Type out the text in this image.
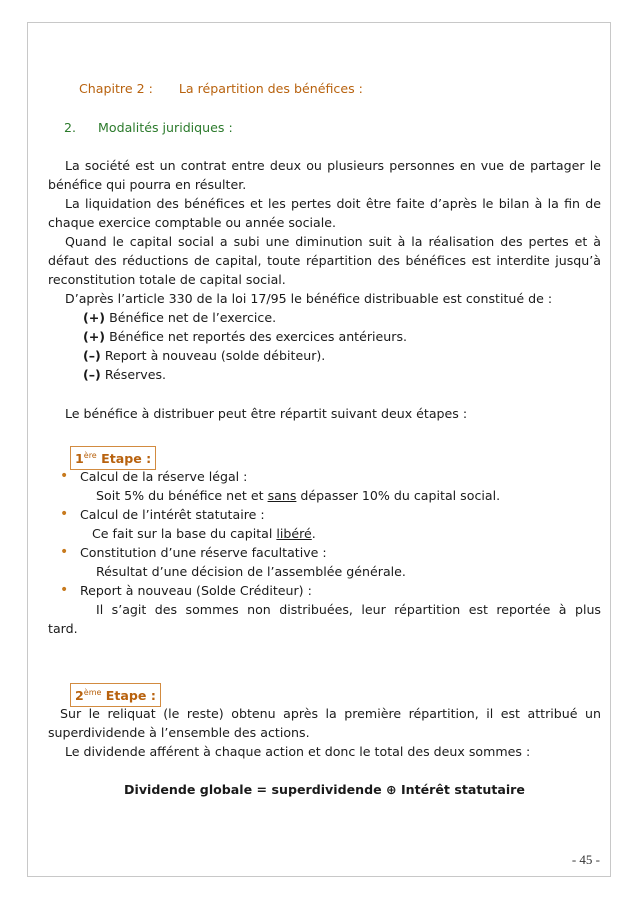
Chapitre 2 : La répartition des bénéfices :
2. Modalités juridiques :

La société est un contrat entre deux ou plusieurs personnes en vue de partager le bénéfice qui pourra en résulter.

La liquidation des bénéfices et les pertes doit être faite d’après le bilan à la fin de chaque exercice comptable ou année sociale.

Quand le capital social a subi une diminution suit à la réalisation des pertes et à défaut des réductions de capital, toute répartition des bénéfices est interdite jusqu’à reconstitution totale de capital social.

D’après l’article 330 de la loi 17/95 le bénéfice distribuable est constitué de :

(+) Bénéfice net de l’exercice.
(+) Bénéfice net reportés des exercices antérieurs.
(–) Report à nouveau (solde débiteur).
(–) Réserves.

Le bénéfice à distribuer peut être répartit suivant deux étapes :

1ère Etape :
• Calcul de la réserve légal :
Soit 5% du bénéfice net et sans dépasser 10% du capital social.
• Calcul de l’intérêt statutaire :
Ce fait sur la base du capital libéré.
• Constitution d’une réserve facultative :
Résultat d’une décision de l’assemblée générale.
• Report à nouveau (Solde Créditeur) :
Il s’agit des sommes non distribuées, leur répartition est reportée à plus
tard.
2ème Etape :

Sur le reliquat (le reste) obtenu après la première répartition, il est attribué un superdividende à l’ensemble des actions.

Le dividende afférent à chaque action et donc le total des deux sommes :

Dividende globale = superdividende ⊕ Intérêt statutaire
- 45 -
